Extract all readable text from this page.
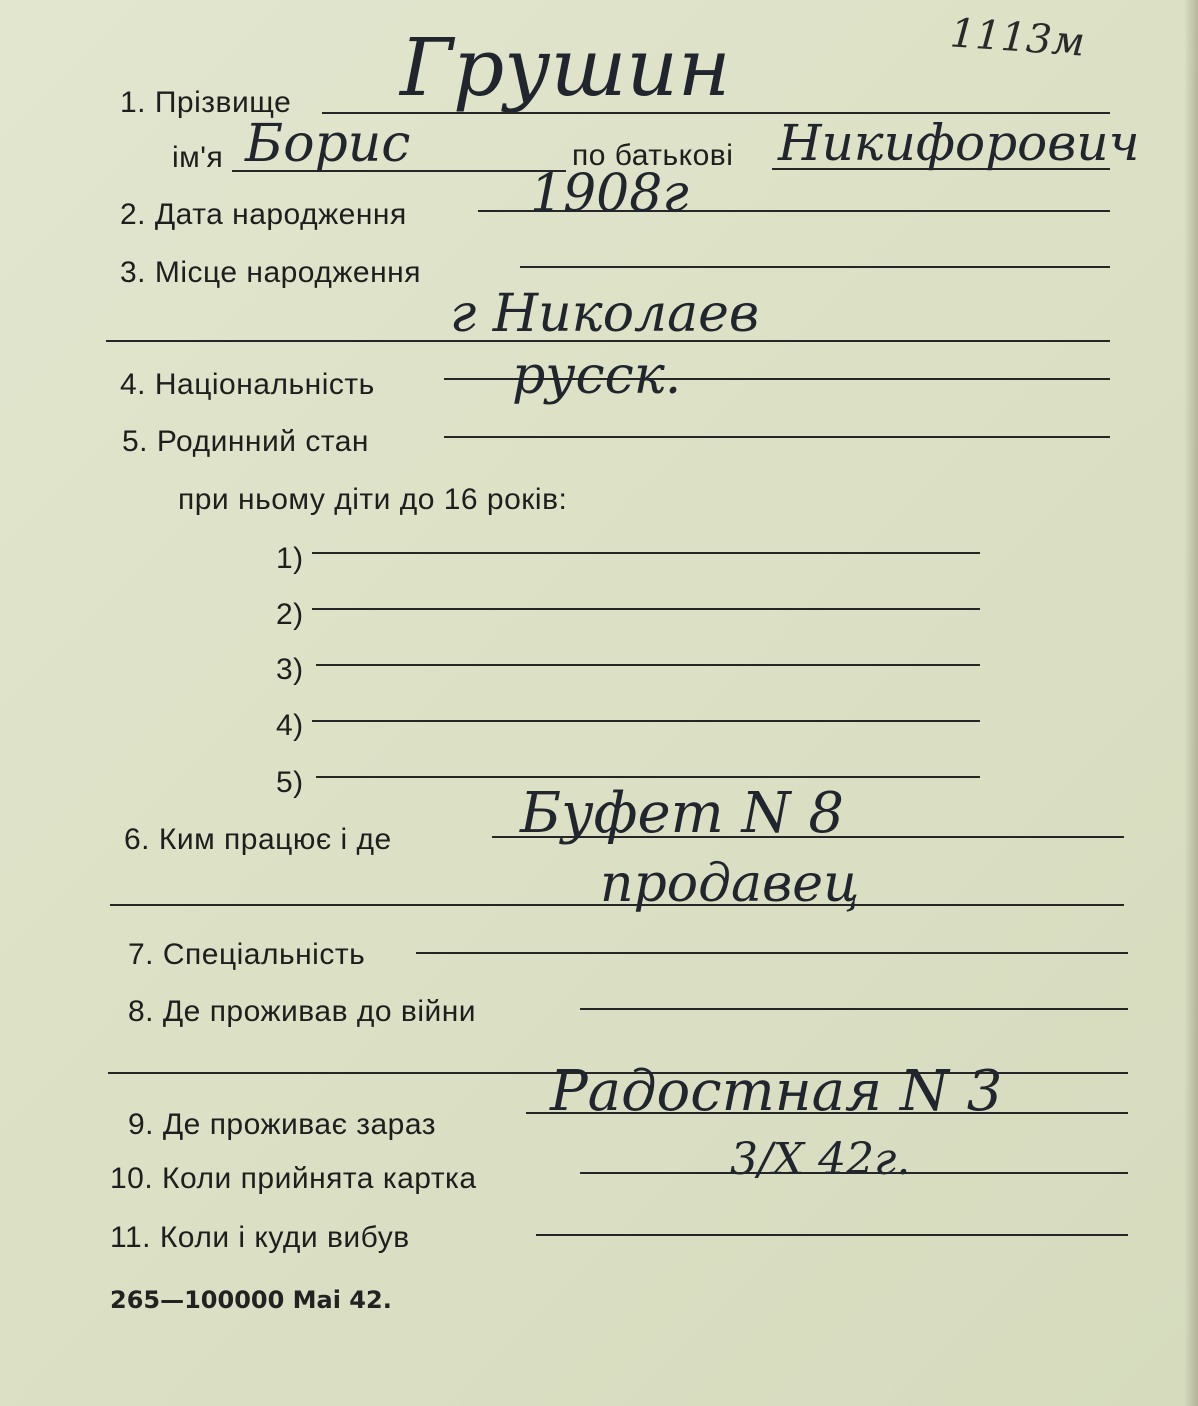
1113м
1. Прізвище Грушин
ім'я Борис	по батькові Никифорович
2. Дата народження 1908г
3. Місце народження
г Николаев
4. Національність	русск.
5. Родинний стан
при ньому діти до 16 років:
1)
2)
3)
4)
5)
6. Ким працює і де Буфет N 8
продавец
7. Спеціальність
8. Де проживав до війни
9. Де проживає зараз
Радостная N 3
10. Коли прийнята картка	3/X 42г.
11. Коли і куди вибув
265—100000 Mai 42.
